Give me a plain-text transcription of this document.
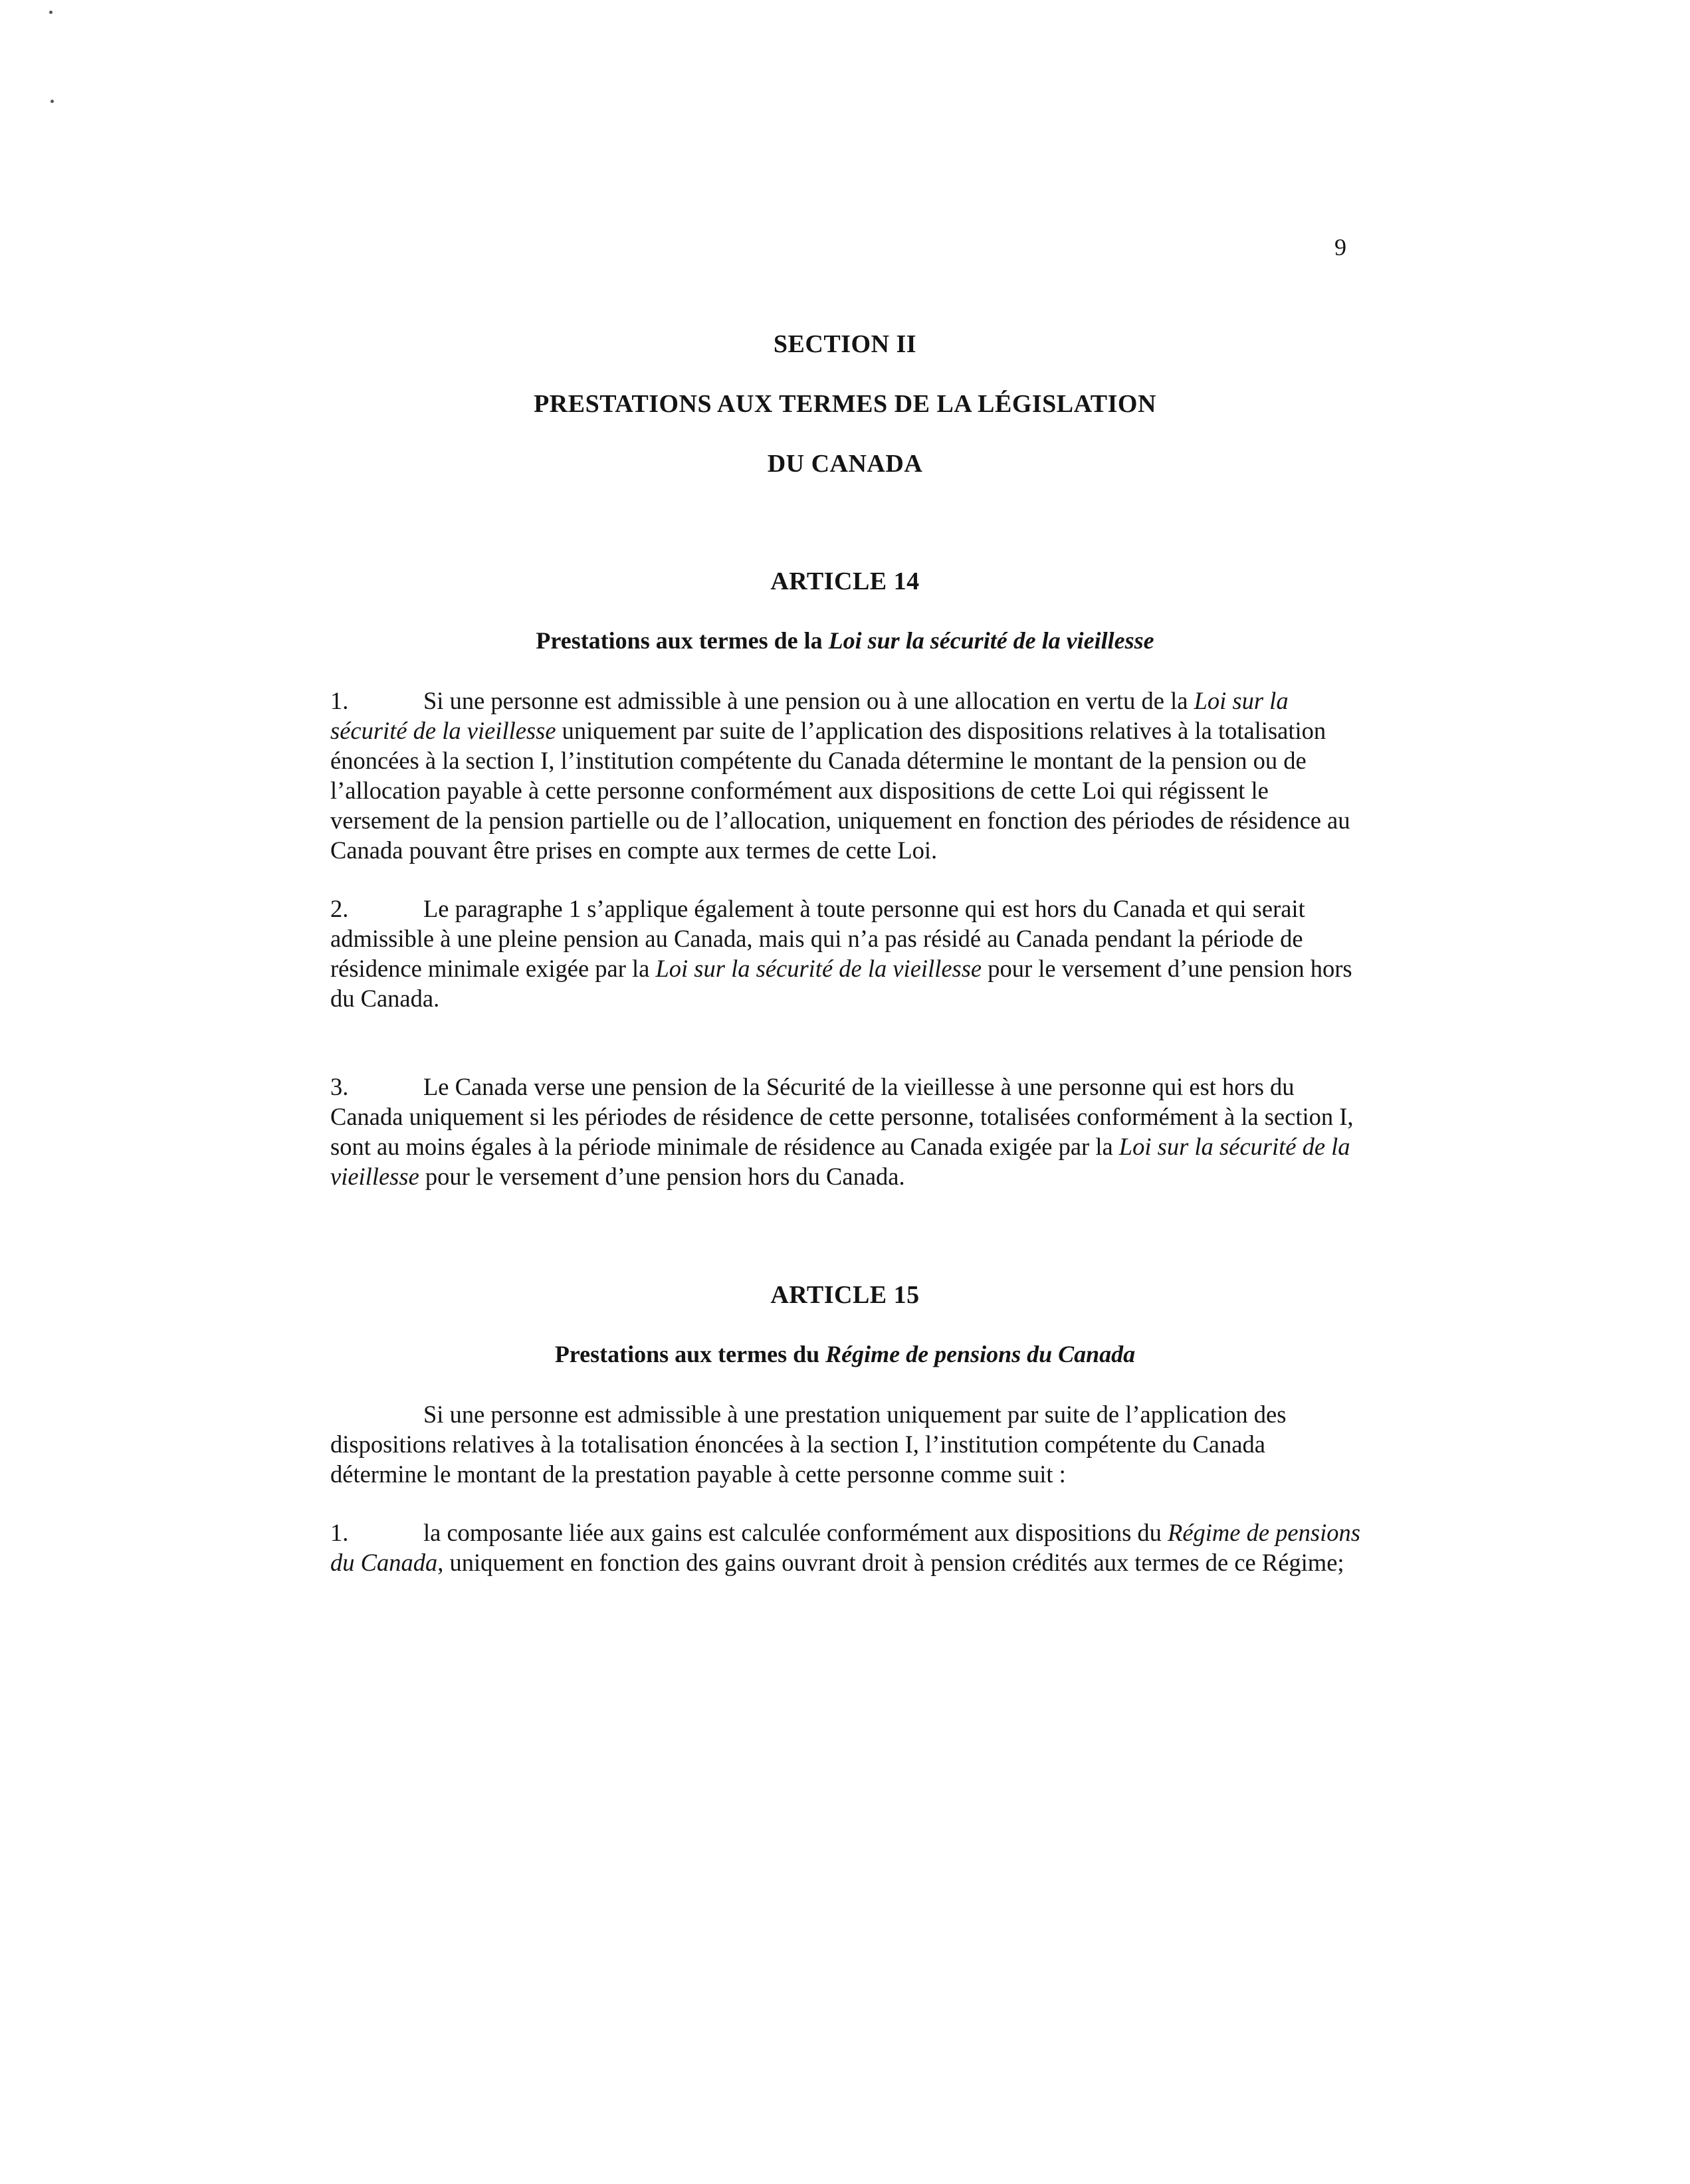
9
SECTION II
PRESTATIONS AUX TERMES DE LA LÉGISLATION
DU CANADA
ARTICLE 14
Prestations aux termes de la Loi sur la sécurité de la vieillesse
1.	Si une personne est admissible à une pension ou à une allocation en vertu de la Loi sur la sécurité de la vieillesse uniquement par suite de l’application des dispositions relatives à la totalisation énoncées à la section I, l’institution compétente du Canada détermine le montant de la pension ou de l’allocation payable à cette personne conformément aux dispositions de cette Loi qui régissent le versement de la pension partielle ou de l’allocation, uniquement en fonction des périodes de résidence au Canada pouvant être prises en compte aux termes de cette Loi.
2.	Le paragraphe 1 s’applique également à toute personne qui est hors du Canada et qui serait admissible à une pleine pension au Canada, mais qui n’a pas résidé au Canada pendant la période de résidence minimale exigée par la Loi sur la sécurité de la vieillesse pour le versement d’une pension hors du Canada.
3.	Le Canada verse une pension de la Sécurité de la vieillesse à une personne qui est hors du Canada uniquement si les périodes de résidence de cette personne, totalisées conformément à la section I, sont au moins égales à la période minimale de résidence au Canada exigée par la Loi sur la sécurité de la vieillesse pour le versement d’une pension hors du Canada.
ARTICLE 15
Prestations aux termes du Régime de pensions du Canada
Si une personne est admissible à une prestation uniquement par suite de l’application des dispositions relatives à la totalisation énoncées à la section I, l’institution compétente du Canada détermine le montant de la prestation payable à cette personne comme suit :
1.	la composante liée aux gains est calculée conformément aux dispositions du Régime de pensions du Canada, uniquement en fonction des gains ouvrant droit à pension crédités aux termes de ce Régime;
